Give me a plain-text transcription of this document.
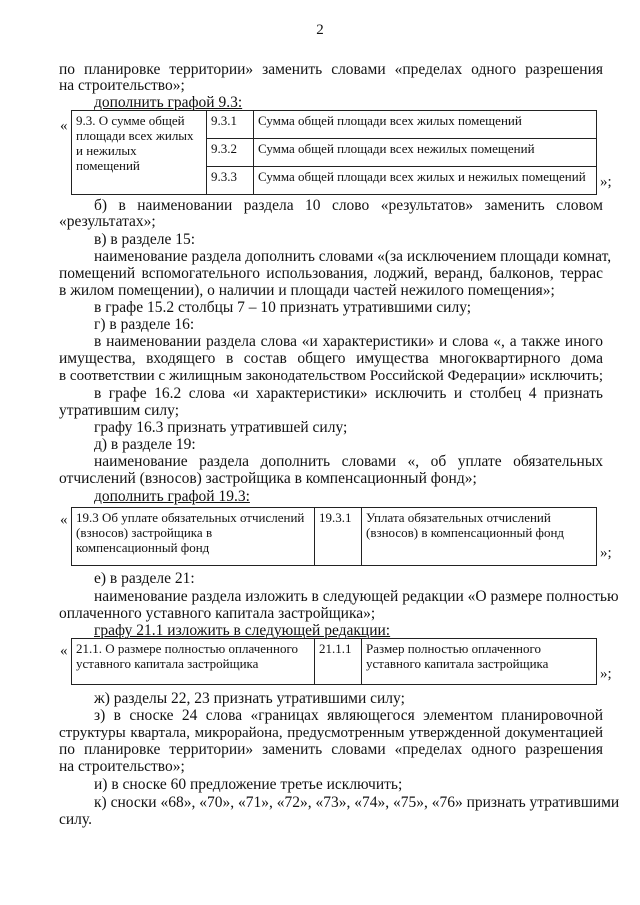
2
по планировке территории» заменить словами «пределах одного разрешения
на строительство»;
дополнить графой 9.3:
« 9.3. О сумме общей площади всех жилых и нежилых помещений	9.3.1	Сумма общей площади всех жилых помещений
	9.3.2	Сумма общей площади всех нежилых помещений
	9.3.3	Сумма общей площади всех жилых и нежилых помещений »;
б) в наименовании раздела 10 слово «результатов» заменить словом
«результатах»;
в) в разделе 15:
наименование раздела дополнить словами «(за исключением площади комнат,
помещений вспомогательного использования, лоджий, веранд, балконов, террас
в жилом помещении), о наличии и площади частей нежилого помещения»;
в графе 15.2 столбцы 7 – 10 признать утратившими силу;
г) в разделе 16:
в наименовании раздела слова «и характеристики» и слова «, а также иного
имущества, входящего в состав общего имущества многоквартирного дома
в соответствии с жилищным законодательством Российской Федерации» исключить;
в графе 16.2 слова «и характеристики» исключить и столбец 4 признать
утратившим силу;
графу 16.3 признать утратившей силу;
д) в разделе 19:
наименование раздела дополнить словами «, об уплате обязательных
отчислений (взносов) застройщика в компенсационный фонд»;
дополнить графой 19.3:
« 19.3 Об уплате обязательных отчислений (взносов) застройщика в компенсационный фонд	19.3.1	Уплата обязательных отчислений (взносов) в компенсационный фонд
»;
е) в разделе 21:
наименование раздела изложить в следующей редакции «О размере полностью
оплаченного уставного капитала застройщика»;
графу 21.1 изложить в следующей редакции:
« 21.1. О размере полностью оплаченного уставного капитала застройщика	21.1.1	Размер полностью оплаченного уставного капитала застройщика
»;
ж) разделы 22, 23 признать утратившими силу;
з) в сноске 24 слова «границах являющегося элементом планировочной
структуры квартала, микрорайона, предусмотренным утвержденной документацией
по планировке территории» заменить словами «пределах одного разрешения
на строительство»;
и) в сноске 60 предложение третье исключить;
к) сноски «68», «70», «71», «72», «73», «74», «75», «76» признать утратившими
силу.
